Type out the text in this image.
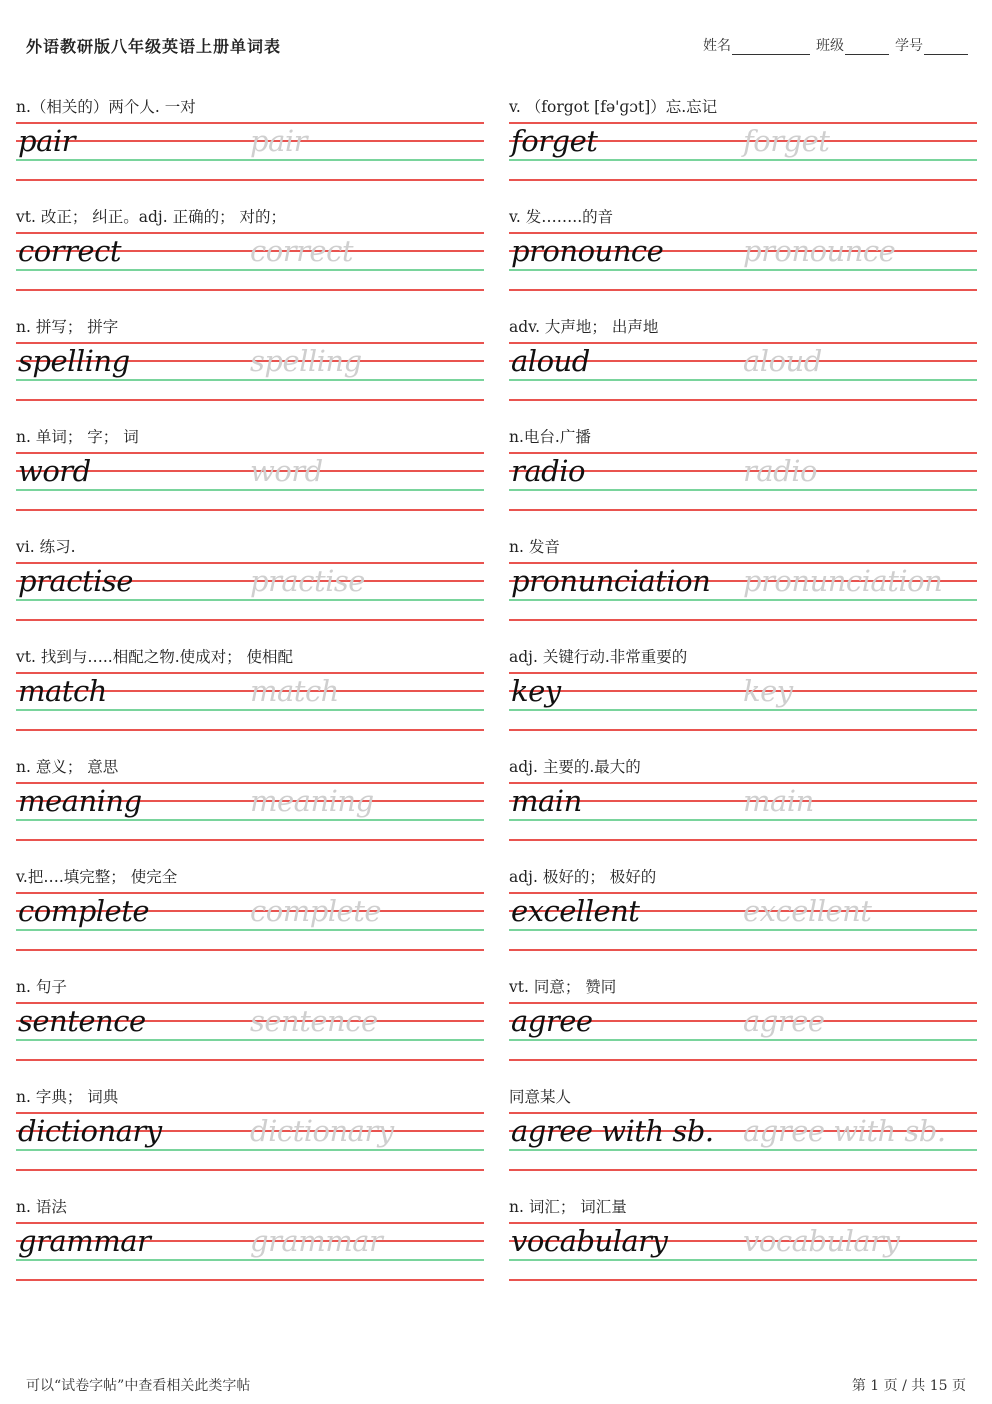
外语教研版八年级英语上册单词表	姓名	班级	学号
n.（相关的）两个人. 一对
pair	pair
vt. 改正； 纠正。adj. 正确的； 对的；
correct	correct
n. 拼写； 拼字
spelling	spelling
n. 单词； 字； 词
word	word
vi. 练习.
practise	practise
vt. 找到与…..相配之物.使成对； 使相配
match	match
n. 意义； 意思
meaning	meaning
v.把….填完整； 使完全
complete	complete
n. 句子
sentence	sentence
n. 字典； 词典
dictionary	dictionary
n. 语法
grammar	grammar
v. （forgot [fə'ɡɔt]）忘.忘记
forget	forget
v. 发……..的音
pronounce	pronounce
adv. 大声地； 出声地
aloud	aloud
n.电台.广播
radio	radio
n. 发音
pronunciation pronunciation
adj. 关键行动.非常重要的
key	key
adj. 主要的.最大的
main	main
adj. 极好的； 极好的
excellent	excellent
vt. 同意； 赞同
agree	agree
同意某人
agree with sb. agree with sb.
n. 词汇； 词汇量
vocabulary	vocabulary
可以“试卷字帖”中查看相关此类字帖	第 1 页 / 共 15 页
